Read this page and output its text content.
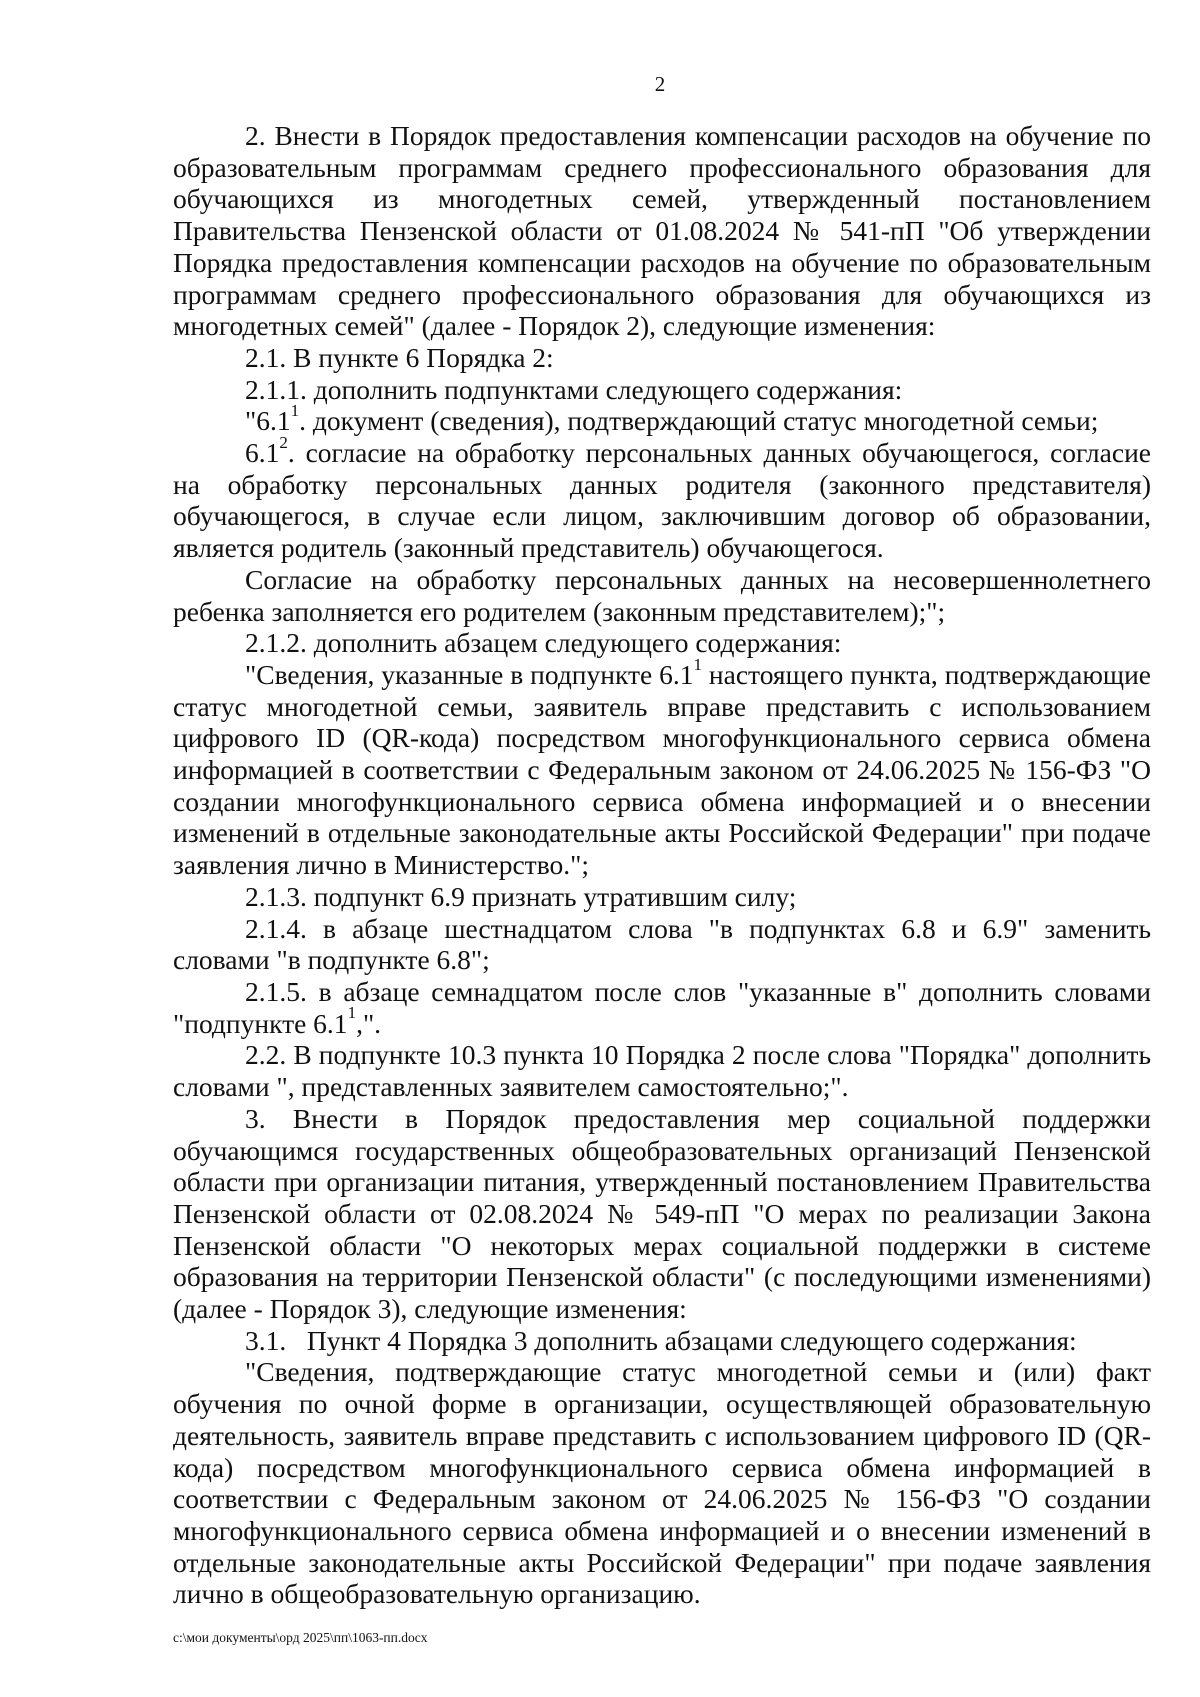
2

2. Внести в Порядок предоставления компенсации расходов на обучение по образовательным программам среднего профессионального образования для обучающихся из многодетных семей, утвержденный постановлением Правительства Пензенской области от 01.08.2024 № 541-пП "Об утверждении Порядка предоставления компенсации расходов на обучение по образовательным программам среднего профессионального образования для обучающихся из многодетных семей" (далее - Порядок 2), следующие изменения:

2.1. В пункте 6 Порядка 2:

2.1.1. дополнить подпунктами следующего содержания:

"$6.1^1$. документ (сведения), подтверждающий статус многодетной семьи;

$6.1^2$. согласие на обработку персональных данных обучающегося, согласие на обработку персональных данных родителя (законного представителя) обучающегося, в случае если лицом, заключившим договор об образовании, является родитель (законный представитель) обучающегося.

Согласие на обработку персональных данных на несовершеннолетнего ребенка заполняется его родителем (законным представителем);";

2.1.2. дополнить абзацем следующего содержания:

"Сведения, указанные в подпункте $6.1^1$ настоящего пункта, подтверждающие статус многодетной семьи, заявитель вправе представить с использованием цифрового ID (QR-кода) посредством многофункционального сервиса обмена информацией в соответствии с Федеральным законом от 24.06.2025 № 156-ФЗ "О создании многофункционального сервиса обмена информацией и о внесении изменений в отдельные законодательные акты Российской Федерации" при подаче заявления лично в Министерство.";

2.1.3. подпункт 6.9 признать утратившим силу;

2.1.4. в абзаце шестнадцатом слова "в подпунктах 6.8 и 6.9" заменить словами "в подпункте 6.8";

2.1.5. в абзаце семнадцатом после слов "указанные в" дополнить словами "подпункте $6.1^1$,".

2.2. В подпункте 10.3 пункта 10 Порядка 2 после слова "Порядка" дополнить словами ", представленных заявителем самостоятельно;".

3. Внести в Порядок предоставления мер социальной поддержки обучающимся государственных общеобразовательных организаций Пензенской области при организации питания, утвержденный постановлением Правительства Пензенской области от 02.08.2024 № 549-пП "О мерах по реализации Закона Пензенской области "О некоторых мерах социальной поддержки в системе образования на территории Пензенской области" (с последующими изменениями) (далее - Порядок 3), следующие изменения:

3.1.  Пункт 4 Порядка 3 дополнить абзацами следующего содержания:

"Сведения, подтверждающие статус многодетной семьи и (или) факт обучения по очной форме в организации, осуществляющей образовательную деятельность, заявитель вправе представить с использованием цифрового ID (QR-кода) посредством многофункционального сервиса обмена информацией в соответствии с Федеральным законом от 24.06.2025 № 156-ФЗ "О создании многофункционального сервиса обмена информацией и о внесении изменений в отдельные законодательные акты Российской Федерации" при подаче заявления лично в общеобразовательную организацию.

c:\мои документы\орд 2025\пп\1063-пп.docx
